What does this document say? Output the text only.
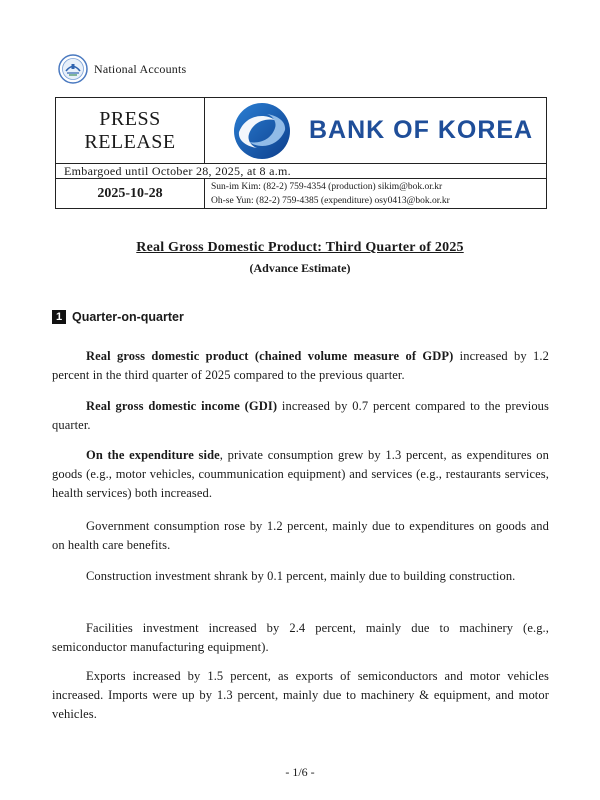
National Accounts
PRESS
RELEASE	BANK OF KOREA
Embargoed until October 28, 2025, at 8 a.m.
2025-10-28	Sun-im Kim: (82-2) 759-4354 (production) sikim@bok.or.kr
Oh-se Yun: (82-2) 759-4385 (expenditure) osy0413@bok.or.kr
Real Gross Domestic Product: Third Quarter of 2025
(Advance Estimate)
1 Quarter-on-quarter

Real gross domestic product (chained volume measure of GDP) increased by 1.2 percent in the third quarter of 2025 compared to the previous quarter.

Real gross domestic income (GDI) increased by 0.7 percent compared to the previous quarter.

On the expenditure side, private consumption grew by 1.3 percent, as expenditures on goods (e.g., motor vehicles, coummunication equipment) and services (e.g., restaurants services, health services) both increased.

Government consumption rose by 1.2 percent, mainly due to expenditures on goods and on health care benefits.

Construction investment shrank by 0.1 percent, mainly due to building construction.

Facilities investment increased by 2.4 percent, mainly due to machinery (e.g., semiconductor manufacturing equipment).

Exports increased by 1.5 percent, as exports of semiconductors and motor vehicles increased. Imports were up by 1.3 percent, mainly due to machinery & equipment, and motor vehicles.

- 1/6 -
